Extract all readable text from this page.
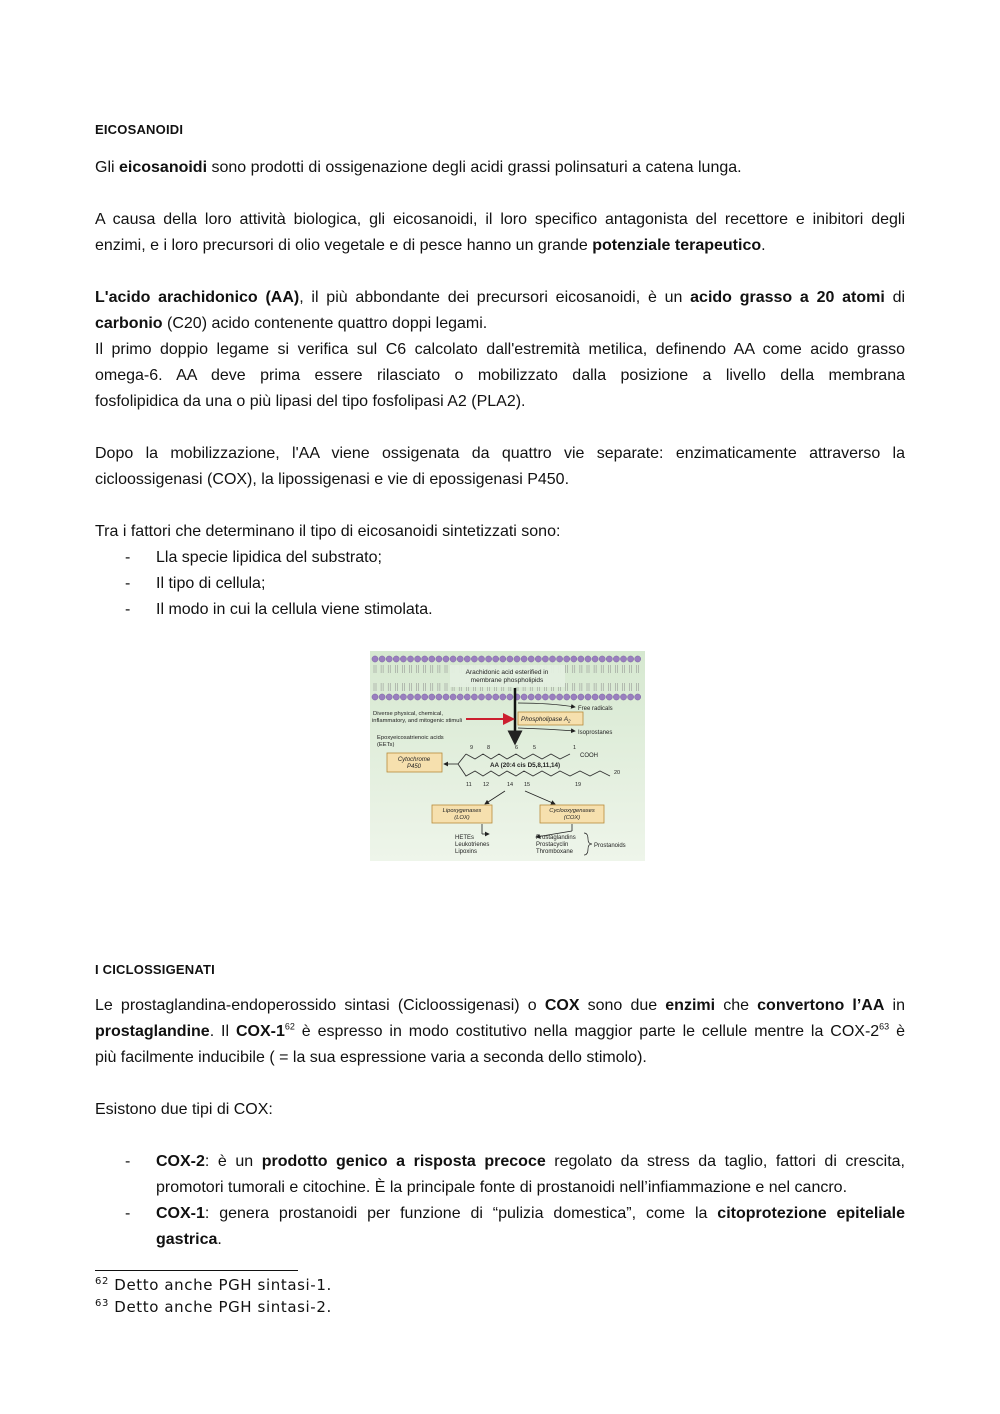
EICOSANOIDI
Gli eicosanoidi sono prodotti di ossigenazione degli acidi grassi polinsaturi a catena lunga.
A causa della loro attività biologica, gli eicosanoidi, il loro specifico antagonista del recettore e inibitori degli
enzimi, e i loro precursori di olio vegetale e di pesce hanno un grande potenziale terapeutico.
L'acido arachidonico (AA), il più abbondante dei precursori eicosanoidi, è un acido grasso a 20 atomi di
carbonio (C20) acido contenente quattro doppi legami.
Il primo doppio legame si verifica sul C6 calcolato dall'estremità metilica, definendo AA come acido grasso
omega-6. AA deve prima essere rilasciato o mobilizzato dalla posizione a livello della membrana
fosfolipidica da una o più lipasi del tipo fosfolipasi A2 (PLA2).
Dopo la mobilizzazione, l'AA viene ossigenata da quattro vie separate: enzimaticamente attraverso la
cicloossigenasi (COX), la lipossigenasi e vie di epossigenasi P450.
Tra i fattori che determinano il tipo di eicosanoidi sintetizzati sono:
- Lla specie lipidica del substrato;
- Il tipo di cellula;
- Il modo in cui la cellula viene stimolata.
Arachidonic acid esterified in
membrane phospholipids
Diverse physical, chemical,
inflammatory, and mitogenic stimuli	Phospholipase $A_2$
Free radicals
Isoprostanes
Epoxyeicosatrienoic acids
(EETs)
Cytochrome
P450
COOH
AA (20:4 cis D5,8,11,14)
9	8	6	5	1
11 12	14 15	19
20
Lipoxygenases
(LOX)
Cyclooxygenases
(COX)
HETEs
Leukotrienes
Lipoxins
Prostaglandins
Prostacyclin
Thromboxane
Prostanoids
I CICLOSSIGENATI
Le prostaglandina-endoperossido sintasi (Cicloossigenasi) o COX sono due enzimi che convertono l’AA in
prostaglandine. Il COX-$1^{62}$ è espresso in modo costitutivo nella maggior parte le cellule mentre la COX-$2^{63}$ è
più facilmente inducibile ( = la sua espressione varia a seconda dello stimolo).
Esistono due tipi di COX:
- COX-2: è un prodotto genico a risposta precoce regolato da stress da taglio, fattori di crescita,
promotori tumorali e citochine. È la principale fonte di prostanoidi nell’infiammazione e nel cancro.
- COX-1: genera prostanoidi per funzione di “pulizia domestica”, come la citoprotezione epiteliale
gastrica.
$^{62}$ Detto anche PGH sintasi-1.
$^{63}$ Detto anche PGH sintasi-2.
